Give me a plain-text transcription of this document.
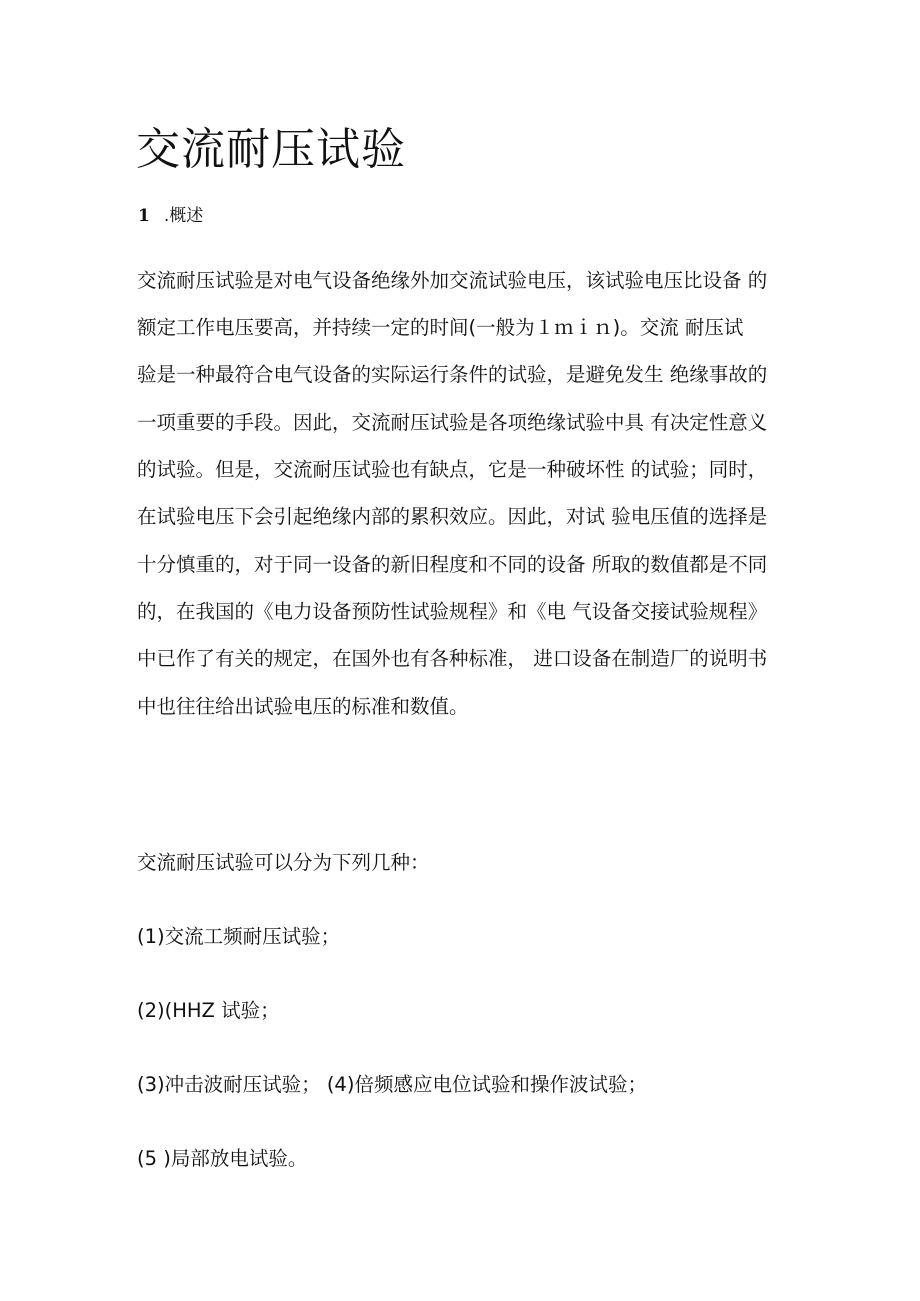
交流耐压试验
1 .概述

交流耐压试验是对电气设备绝缘外加交流试验电压，该试验电压比设备 的

额定工作电压要高，并持续一定的时间(一般为１ｍｉｎ)。交流 耐压试

验是一种最符合电气设备的实际运行条件的试验，是避免发生 绝缘事故的

一项重要的手段。因此，交流耐压试验是各项绝缘试验中具 有决定性意义

的试验。但是，交流耐压试验也有缺点，它是一种破坏性 的试验；同时，

在试验电压下会引起绝缘内部的累积效应。因此，对试 验电压值的选择是

十分慎重的，对于同一设备的新旧程度和不同的设备 所取的数值都是不同

的，在我国的《电力设备预防性试验规程》和《电 气设备交接试验规程》

中已作了有关的规定，在国外也有各种标准， 进口设备在制造厂的说明书

中也往往给出试验电压的标准和数值。

交流耐压试验可以分为下列几种：

(1)交流工频耐压试验；

(2)(HHZ 试验；

(3)冲击波耐压试验； (4)倍频感应电位试验和操作波试验；

(5 )局部放电试验。
